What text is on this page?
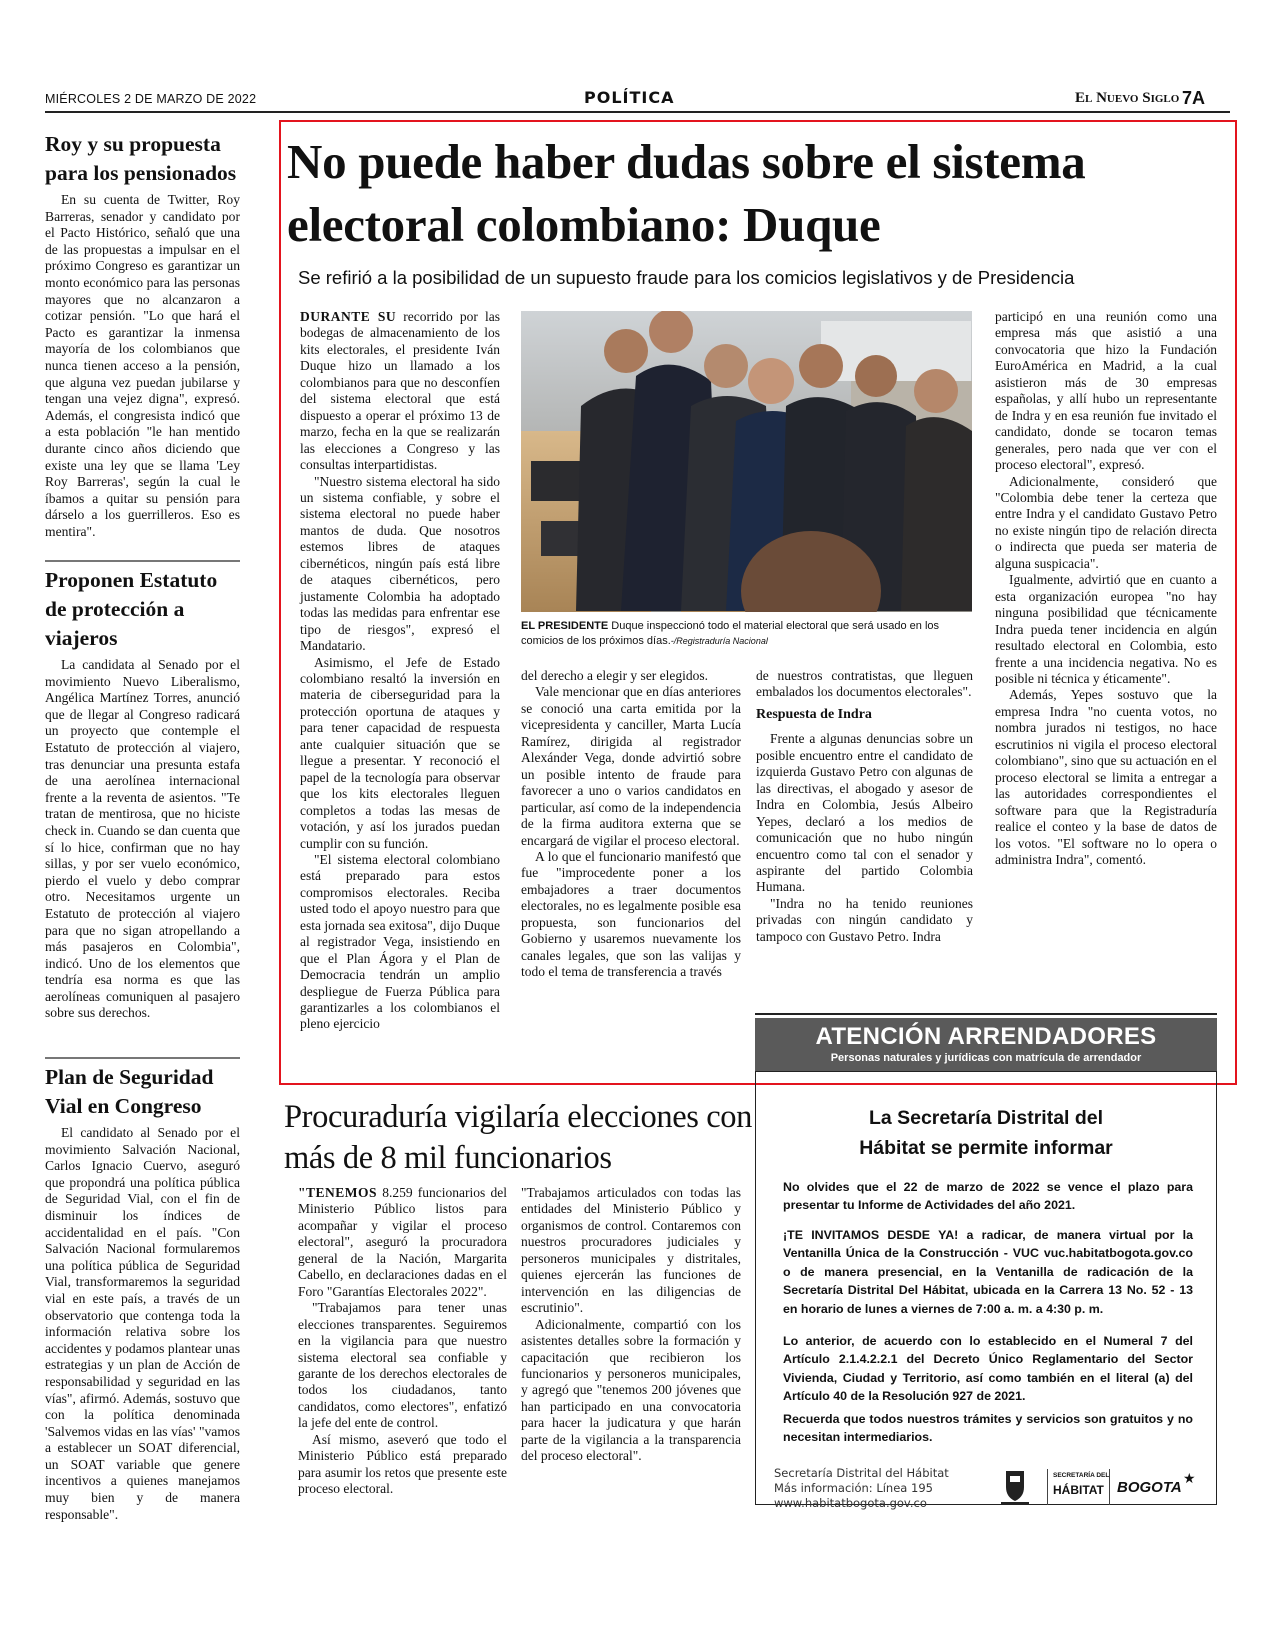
MIÉRCOLES 2 DE MARZO DE 2022	POLÍTICA	El Nuevo Siglo 7A
Roy y su propuesta para los pensionados

En su cuenta de Twitter, Roy Barreras, senador y candidato por el Pacto Histórico, señaló que una de las propuestas a impulsar en el próximo Congreso es garantizar un monto económico para las personas mayores que no alcanzaron a cotizar pensión. "Lo que hará el Pacto es garantizar la inmensa mayoría de los colombianos que nunca tienen acceso a la pensión, que alguna vez puedan jubilarse y tengan una vejez digna", expresó. Además, el congresista indicó que a esta población "le han mentido durante cinco años diciendo que existe una ley que se llama 'Ley Roy Barreras', según la cual le íbamos a quitar su pensión para dárselo a los guerrilleros. Eso es mentira".

Proponen Estatuto de protección a viajeros

La candidata al Senado por el movimiento Nuevo Liberalismo, Angélica Martínez Torres, anunció que de llegar al Congreso radicará un proyecto que contemple el Estatuto de protección al viajero, tras denunciar una presunta estafa de una aerolínea internacional frente a la reventa de asientos. "Te tratan de mentirosa, que no hiciste check in. Cuando se dan cuenta que sí lo hice, confirman que no hay sillas, y por ser vuelo económico, pierdo el vuelo y debo comprar otro. Necesitamos urgente un Estatuto de protección al viajero para que no sigan atropellando a más pasajeros en Colombia", indicó. Uno de los elementos que tendría esa norma es que las aerolíneas comuniquen al pasajero sobre sus derechos.

Plan de Seguridad Vial en Congreso

El candidato al Senado por el movimiento Salvación Nacional, Carlos Ignacio Cuervo, aseguró que propondrá una política pública de Seguridad Vial, con el fin de disminuir los índices de accidentalidad en el país. "Con Salvación Nacional formularemos una política pública de Seguridad Vial, transformaremos la seguridad vial en este país, a través de un observatorio que contenga toda la información relativa sobre los accidentes y podamos plantear unas estrategias y un plan de Acción de responsabilidad y seguridad en las vías", afirmó. Además, sostuvo que con la política denominada 'Salvemos vidas en las vías' "vamos a establecer un SOAT diferencial, un SOAT variable que genere incentivos a quienes manejamos muy bien y de manera responsable".

No puede haber dudas sobre el sistema electoral colombiano: Duque
Se refirió a la posibilidad de un supuesto fraude para los comicios legislativos y de Presidencia

DURANTE SU recorrido por las bodegas de almacenamiento de los kits electorales, el presidente Iván Duque hizo un llamado a los colombianos para que no desconfíen del sistema electoral que está dispuesto a operar el próximo 13 de marzo, fecha en la que se realizarán las elecciones a Congreso y las consultas interpartidistas.

"Nuestro sistema electoral ha sido un sistema confiable, y sobre el sistema electoral no puede haber mantos de duda. Que nosotros estemos libres de ataques cibernéticos, ningún país está libre de ataques cibernéticos, pero justamente Colombia ha adoptado todas las medidas para enfrentar ese tipo de riesgos", expresó el Mandatario.

Asimismo, el Jefe de Estado colombiano resaltó la inversión en materia de ciberseguridad para la protección oportuna de ataques y para tener capacidad de respuesta ante cualquier situación que se llegue a presentar. Y reconoció el papel de la tecnología para observar que los kits electorales lleguen completos a todas las mesas de votación, y así los jurados puedan cumplir con su función.

"El sistema electoral colombiano está preparado para estos compromisos electorales. Reciba usted todo el apoyo nuestro para que esta jornada sea exitosa", dijo Duque al registrador Vega, insistiendo en que el Plan Ágora y el Plan de Democracia tendrán un amplio despliegue de Fuerza Pública para garantizarles a los colombianos el pleno ejercicio

EL PRESIDENTE Duque inspeccionó todo el material electoral que será usado en los comicios de los próximos días.-/Registraduría Nacional

del derecho a elegir y ser elegidos.

Vale mencionar que en días anteriores se conoció una carta emitida por la vicepresidenta y canciller, Marta Lucía Ramírez, dirigida al registrador Alexánder Vega, donde advirtió sobre un posible intento de fraude para favorecer a uno o varios candidatos en particular, así como de la independencia de la firma auditora externa que se encargará de vigilar el proceso electoral.

A lo que el funcionario manifestó que fue "improcedente poner a los embajadores a traer documentos electorales, no es legalmente posible esa propuesta, son funcionarios del Gobierno y usaremos nuevamente los canales legales, que son las valijas y todo el tema de transferencia a través

de nuestros contratistas, que lleguen embalados los documentos electorales".

Respuesta de Indra

Frente a algunas denuncias sobre un posible encuentro entre el candidato de izquierda Gustavo Petro con algunas de las directivas, el abogado y asesor de Indra en Colombia, Jesús Albeiro Yepes, declaró a los medios de comunicación que no hubo ningún encuentro como tal con el senador y aspirante del partido Colombia Humana.

"Indra no ha tenido reuniones privadas con ningún candidato y tampoco con Gustavo Petro. Indra

participó en una reunión como una empresa más que asistió a una convocatoria que hizo la Fundación EuroAmérica en Madrid, a la cual asistieron más de 30 empresas españolas, y allí hubo un representante de Indra y en esa reunión fue invitado el candidato, donde se tocaron temas generales, pero nada que ver con el proceso electoral", expresó.

Adicionalmente, consideró que "Colombia debe tener la certeza que entre Indra y el candidato Gustavo Petro no existe ningún tipo de relación directa o indirecta que pueda ser materia de alguna suspicacia".

Igualmente, advirtió que en cuanto a esta organización europea "no hay ninguna posibilidad que técnicamente Indra pueda tener incidencia en algún resultado electoral en Colombia, esto frente a una incidencia negativa. No es posible ni técnica y éticamente".

Además, Yepes sostuvo que la empresa Indra "no cuenta votos, no nombra jurados ni testigos, no hace escrutinios ni vigila el proceso electoral colombiano", sino que su actuación en el proceso electoral se limita a entregar a las autoridades correspondientes el software para que la Registraduría realice el conteo y la base de datos de los votos. "El software no lo opera o administra Indra", comentó.

Procuraduría vigilaría elecciones con más de 8 mil funcionarios

"TENEMOS 8.259 funcionarios del Ministerio Público listos para acompañar y vigilar el proceso electoral", aseguró la procuradora general de la Nación, Margarita Cabello, en declaraciones dadas en el Foro "Garantías Electorales 2022".

"Trabajamos para tener unas elecciones transparentes. Seguiremos en la vigilancia para que nuestro sistema electoral sea confiable y garante de los derechos electorales de todos los ciudadanos, tanto candidatos, como electores", enfatizó la jefe del ente de control.

Así mismo, aseveró que todo el Ministerio Público está preparado para asumir los retos que presente este proceso electoral.

"Trabajamos articulados con todas las entidades del Ministerio Público y organismos de control. Contaremos con nuestros procuradores judiciales y personeros municipales y distritales, quienes ejercerán las funciones de intervención en las diligencias de escrutinio".

Adicionalmente, compartió con los asistentes detalles sobre la formación y capacitación que recibieron los funcionarios y personeros municipales, y agregó que "tenemos 200 jóvenes que han participado en una convocatoria para hacer la judicatura y que harán parte de la vigilancia a la transparencia del proceso electoral".

ATENCIÓN ARRENDADORES
Personas naturales y jurídicas con matrícula de arrendador
La Secretaría Distrital del Hábitat se permite informar

No olvides que el 22 de marzo de 2022 se vence el plazo para presentar tu Informe de Actividades del año 2021.

¡TE INVITAMOS DESDE YA! a radicar, de manera virtual por la Ventanilla Única de la Construcción - VUC vuc.habitatbogota.gov.co o de manera presencial, en la Ventanilla de radicación de la Secretaría Distrital Del Hábitat, ubicada en la Carrera 13 No. 52 - 13 en horario de lunes a viernes de 7:00 a. m. a 4:30 p. m.

Lo anterior, de acuerdo con lo establecido en el Numeral 7 del Artículo 2.1.4.2.2.1 del Decreto Único Reglamentario del Sector Vivienda, Ciudad y Territorio, así como también en el literal (a) del Artículo 40 de la Resolución 927 de 2021.

Recuerda que todos nuestros trámites y servicios son gratuitos y no necesitan intermediarios.

Secretaría Distrital del Hábitat
Más información: Línea 195
www.habitatbogota.gov.co
SECRETARÍA DEL
HÁBITAT BOGOTA ★
